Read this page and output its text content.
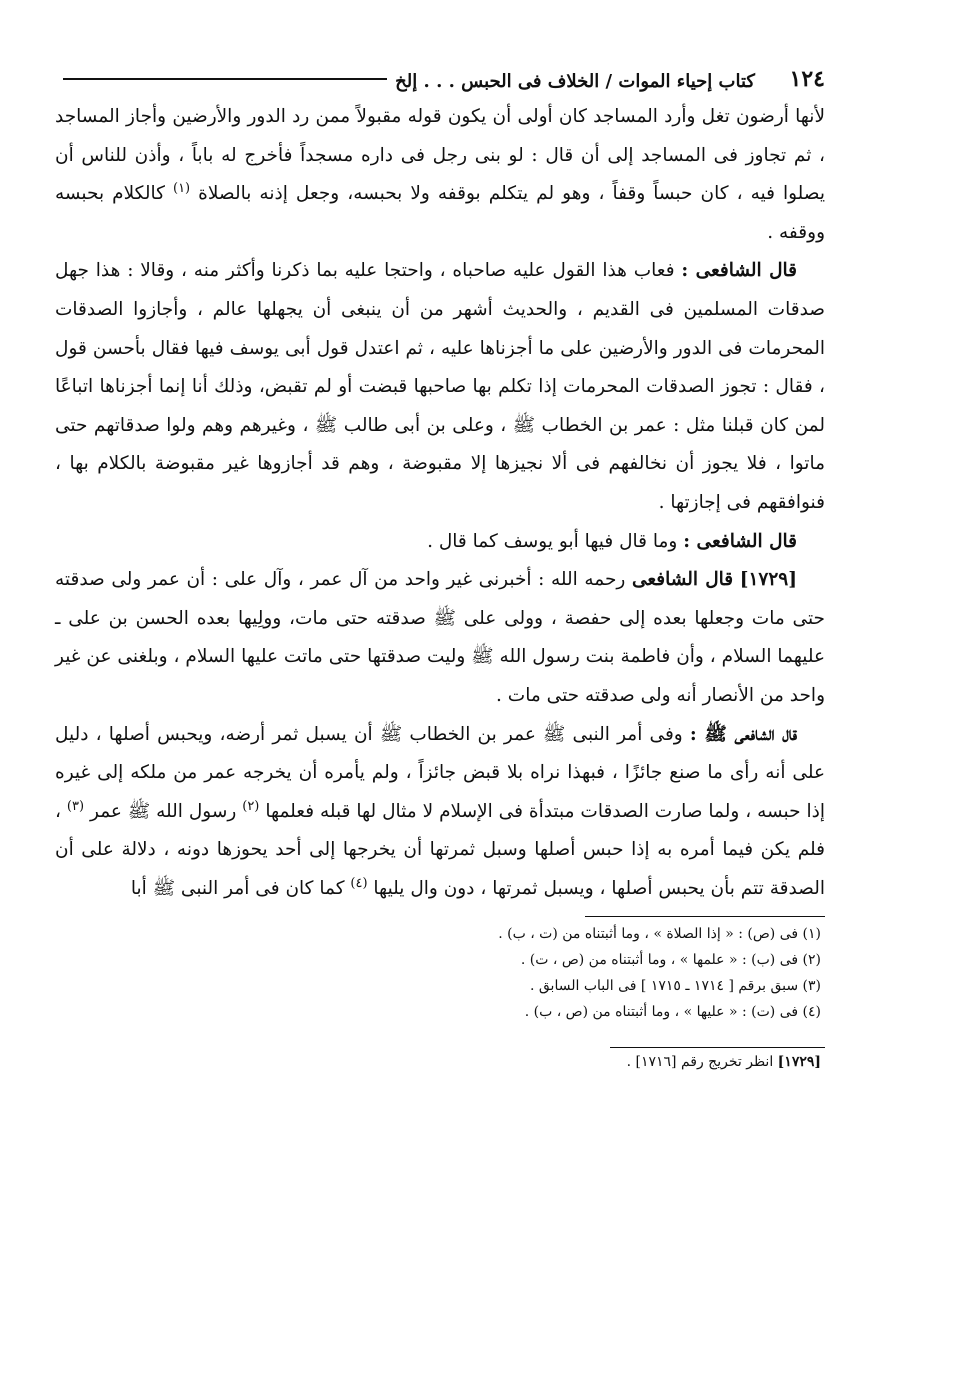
١٢٤
كتاب إحياء الموات / الخلاف فى الحبس . . . إلخ

لأنها أرضون تغل وأرد المساجد كان أولى أن يكون قوله مقبولاً ممن رد الدور والأرضين وأجاز المساجد ، ثم تجاوز فى المساجد إلى أن قال : لو بنى رجل فى داره مسجداً فأخرج له باباً ، وأذن للناس أن يصلوا فيه ، كان حبساً وقفاً ، وهو لم يتكلم بوقفه ولا بحبسه، وجعل إذنه بالصلاة $^{(١)}$ كالكلام بحبسه ووقفه .

قال الشافعى : فعاب هذا القول عليه صاحباه ، واحتجا عليه بما ذكرنا وأكثر منه ، وقالا : هذا جهل صدقات المسلمين فى القديم ، والحديث أشهر من أن ينبغى أن يجهلها عالم ، وأجازوا الصدقات المحرمات فى الدور والأرضين على ما أجزناها عليه ، ثم اعتدل قول أبى يوسف فيها فقال بأحسن قول ، فقال : تجوز الصدقات المحرمات إذا تكلم بها صاحبها قبضت أو لم تقبض، وذلك أنا إنما أجزناها اتباعًا لمن كان قبلنا مثل : عمر بن الخطاب ﷺ ، وعلى بن أبى طالب ﷺ ، وغيرهم وهم ولوا صدقاتهم حتى ماتوا ، فلا يجوز أن نخالفهم فى ألا نجيزها إلا مقبوضة ، وهم قد أجازوها غير مقبوضة بالكلام بها ، فنوافقهم فى إجازتها .

قال الشافعى : وما قال فيها أبو يوسف كما قال .

[١٧٢٩] قال الشافعى رحمه الله : أخبرنى غير واحد من آل عمر ، وآل على : أن عمر ولى صدقته حتى مات وجعلها بعده إلى حفصة ، وولى على ﷺ صدقته حتى مات، وولِيها بعده الحسن بن على ـ عليهما السلام ، وأن فاطمة بنت رسول الله ﷺ وليت صدقتها حتى ماتت عليها السلام ، وبلغنى عن غير واحد من الأنصار أنه ولى صدقته حتى مات .

قال الشافعى ﷺ : وفى أمر النبى ﷺ عمر بن الخطاب ﷺ أن يسبل ثمر أرضه، ويحبس أصلها ، دليل على أنه رأى ما صنع جائزًا ، فبهذا نراه بلا قبض جائزاً ، ولم يأمره أن يخرجه عمر من ملكه إلى غيره إذا حبسه ، ولما صارت الصدقات مبتدأة فى الإسلام لا مثال لها قبله فعلمها $^{(٢)}$ رسول الله ﷺ عمر $^{(٣)}$ ، فلم يكن فيما أمره به إذا حبس أصلها وسبل ثمرتها أن يخرجها إلى أحد يحوزها دونه ، دلالة على أن الصدقة تتم بأن يحبس أصلها ، ويسبل ثمرتها ، دون وال يليها $^{(٤)}$ كما كان فى أمر النبى ﷺ أبا

(١) فى (ص) : « إذا الصلاة » ، وما أثبتناه من (ت ، ب) .

(٢) فى (ب) : « علمها » ، وما أثبتناه من (ص ، ت) .

(٣) سبق برقم [ ١٧١٤ ـ ١٧١٥ ] فى الباب السابق .

(٤) فى (ت) : « عليها » ، وما أثبتناه من (ص ، ب) .

[١٧٢٩] انظر تخريج رقم [١٧١٦] .
